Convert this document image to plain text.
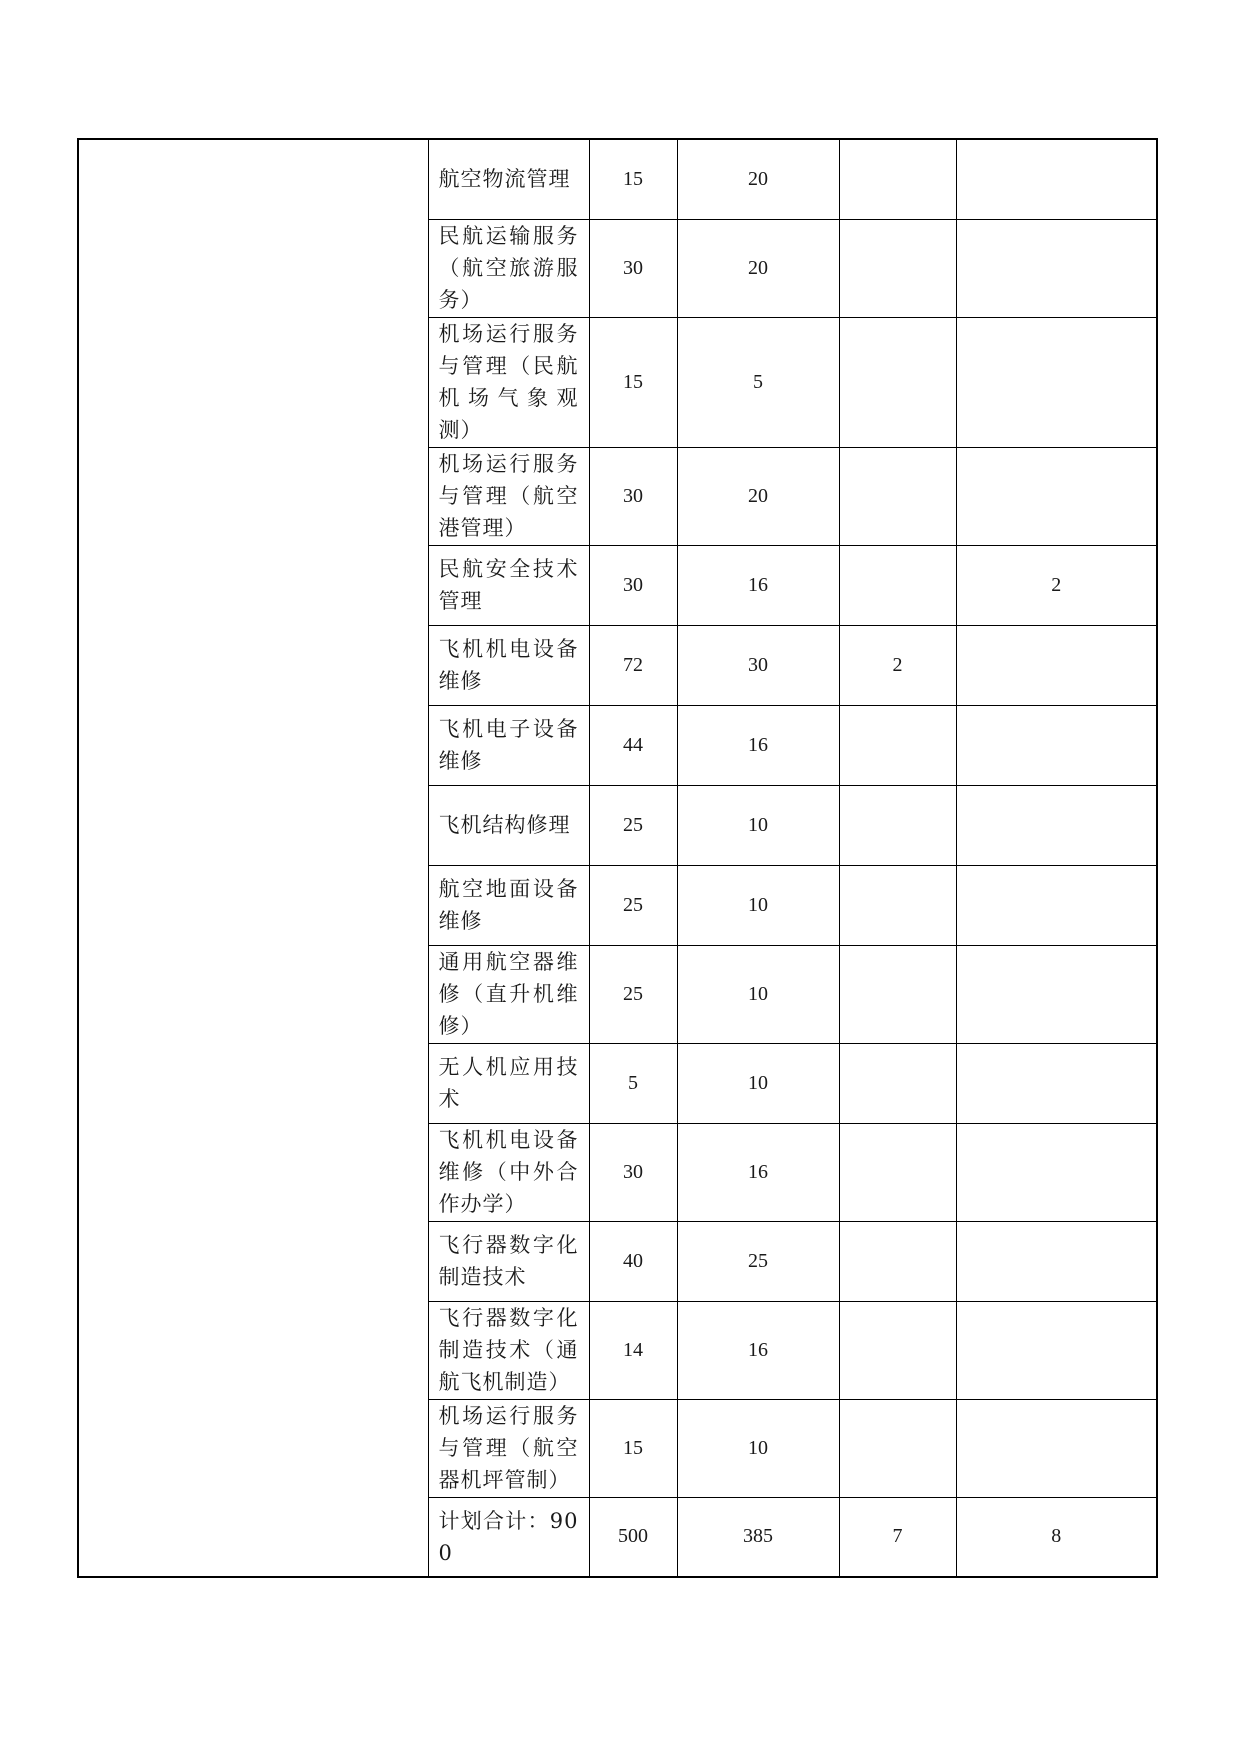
	航空物流管理	15	20		
	民航运输服务（航空旅游服务）	30	20		
	机场运行服务与管理（民航机场气象观测）	15	5		
	机场运行服务与管理（航空港管理）	30	20		
	民航安全技术管理	30	16		2
	飞机机电设备维修	72	30	2	
	飞机电子设备维修	44	16		
	飞机结构修理	25	10		
	航空地面设备维修	25	10		
	通用航空器维修（直升机维修）	25	10		
	无人机应用技术	5	10		
	飞机机电设备维修（中外合作办学）	30	16		
	飞行器数字化制造技术	40	25		
	飞行器数字化制造技术（通航飞机制造）	14	16		
	机场运行服务与管理（航空器机坪管制）	15	10		
	计划合计：900	500	385	7	8
